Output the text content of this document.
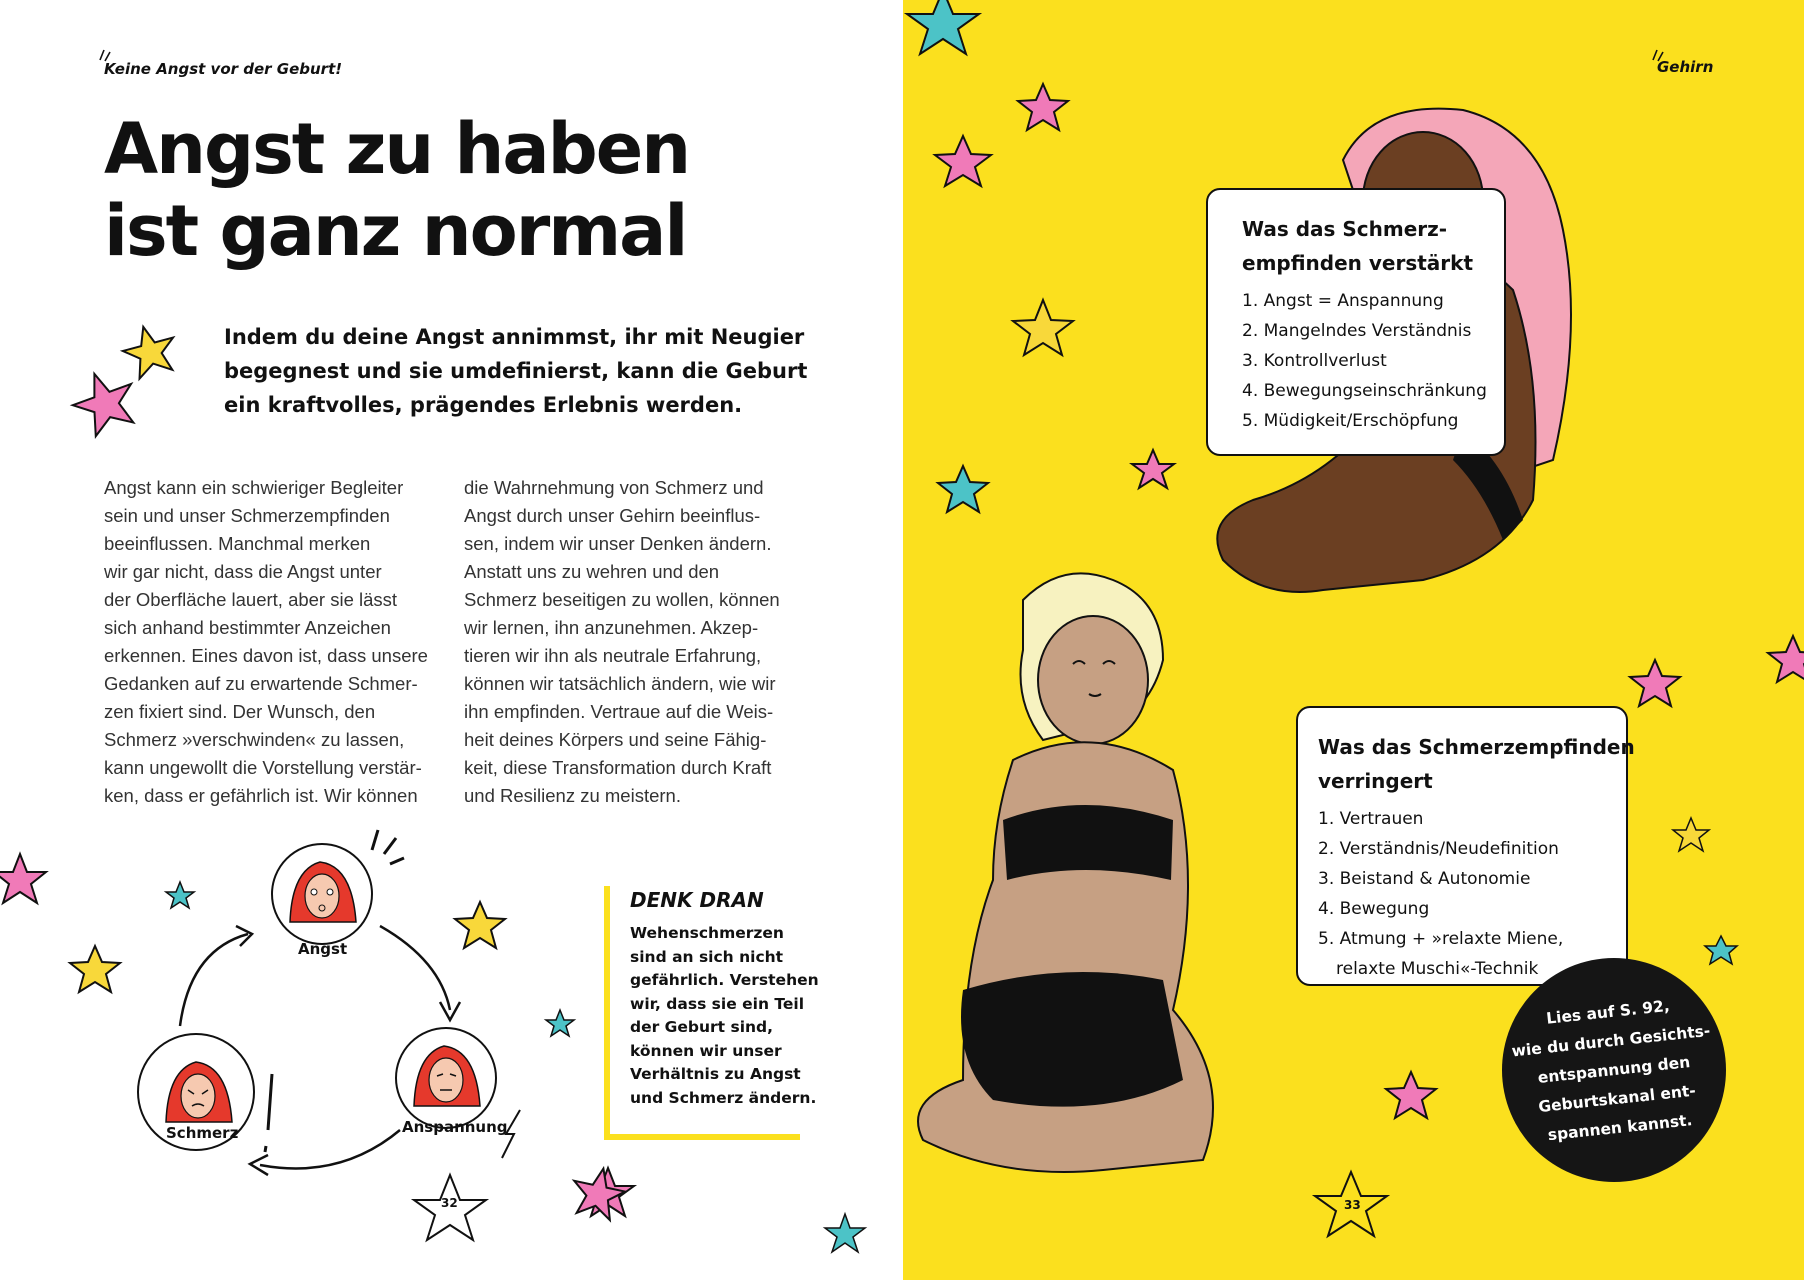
Keine Angst vor der Geburt!
Angst zu haben
ist ganz normal

Indem du deine Angst annimmst, ihr mit Neugier
begegnest und sie umdefinierst, kann die Geburt
ein kraftvolles, prägendes Erlebnis werden.

Angst kann ein schwieriger Begleiter
sein und unser Schmerzempfinden
beeinflussen. Manchmal merken
wir gar nicht, dass die Angst unter
der Oberfläche lauert, aber sie lässt
sich anhand bestimmter Anzeichen
erkennen. Eines davon ist, dass unsere
Gedanken auf zu erwartende Schmer-
zen fixiert sind. Der Wunsch, den
Schmerz »verschwinden« zu lassen,
kann ungewollt die Vorstellung verstär-
ken, dass er gefährlich ist. Wir können
die Wahrnehmung von Schmerz und
Angst durch unser Gehirn beeinflus-
sen, indem wir unser Denken ändern.
Anstatt uns zu wehren und den
Schmerz beseitigen zu wollen, können
wir lernen, ihn anzunehmen. Akzep-
tieren wir ihn als neutrale Erfahrung,
können wir tatsächlich ändern, wie wir
ihn empfinden. Vertraue auf die Weis-
heit deines Körpers und seine Fähig-
keit, diese Transformation durch Kraft
und Resilienz zu meistern.
Angst
Anspannung
Schmerz
32
DENK DRAN
Wehenschmerzen
sind an sich nicht
gefährlich. Verstehen
wir, dass sie ein Teil
der Geburt sind,
können wir unser
Verhältnis zu Angst
und Schmerz ändern.
Gehirn
Was das Schmerz-
empfinden verstärkt
1. Angst = Anspannung
2. Mangelndes Verständnis
3. Kontrollverlust
4. Bewegungseinschränkung
5. Müdigkeit/Erschöpfung
Was das Schmerzempfinden
verringert
1. Vertrauen
2. Verständnis/Neudefinition
3. Beistand & Autonomie
4. Bewegung
5. Atmung + »relaxte Miene,
relaxte Muschi«-Technik
Lies auf S. 92,
wie du durch Gesichts-
entspannung den
Geburtskanal ent-
spannen kannst.
33
